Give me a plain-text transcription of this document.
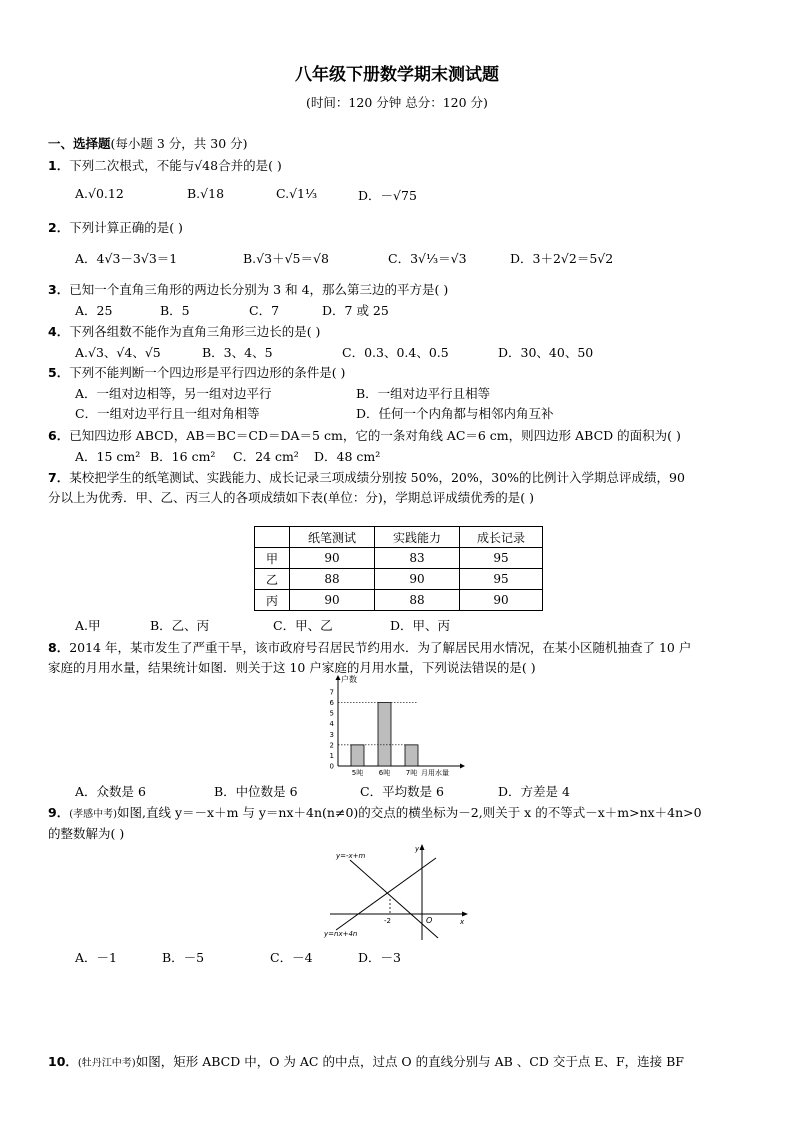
八年级下册数学期末测试题
(时间：120 分钟 总分：120 分)
一、选择题(每小题 3 分，共 30 分)
1．下列二次根式，不能与√48合并的是( )
A.√0.12	B.√18	C.√1⅓	D．－√75
2．下列计算正确的是( )
A．4√3－3√3＝1	B.√3＋√5＝√8	C．3√⅓＝√3	D．3＋2√2＝5√2
3．已知一个直角三角形的两边长分别为 3 和 4，那么第三边的平方是( )
A．25	B．5	C．7	D．7 或 25
4．下列各组数不能作为直角三角形三边长的是( )
A.√3、√4、√5	B．3、4、5	C．0.3、0.4、0.5	D．30、40、50
5．下列不能判断一个四边形是平行四边形的条件是( )
A．一组对边相等，另一组对边平行	B．一组对边平行且相等
C．一组对边平行且一组对角相等	D．任何一个内角都与相邻内角互补
6．已知四边形 ABCD，AB＝BC＝CD＝DA＝5 cm，它的一条对角线 AC＝6 cm，则四边形 ABCD 的面积为( )
A．15 cm² B．16 cm² C．24 cm² D．48 cm²
7．某校把学生的纸笔测试、实践能力、成长记录三项成绩分别按 50%，20%，30%的比例计入学期总评成绩，90
分以上为优秀．甲、乙、丙三人的各项成绩如下表(单位：分)，学期总评成绩优秀的是( )
	纸笔测试	实践能力	成长记录
甲	90	83	95
乙	88	90	95
丙	90	88	90
A.甲	B．乙、丙	C．甲、乙	D．甲、丙
8．2014 年，某市发生了严重干旱，该市政府号召居民节约用水．为了解居民用水情况，在某小区随机抽查了 10 户
家庭的月用水量，结果统计如图．则关于这 10 户家庭的月用水量，下列说法错误的是( )
0
1
2
3
4
5
6
7
户数
5吨 6吨 7吨 月用水量
A．众数是 6	B．中位数是 6	C．平均数是 6	D．方差是 4
9．(孝感中考)如图,直线 y＝－x＋m 与 y＝nx＋4n(n≠0)的交点的横坐标为－2,则关于 x 的不等式－x＋m>nx＋4n>0
的整数解为( )
y=-x+m
y=nx+4n
x
y
O
-2
A．－1	B．－5	C．－4	D．－3
10．(牡丹江中考)如图，矩形 ABCD 中，O 为 AC 的中点，过点 O 的直线分别与 AB 、CD 交于点 E、F，连接 BF
